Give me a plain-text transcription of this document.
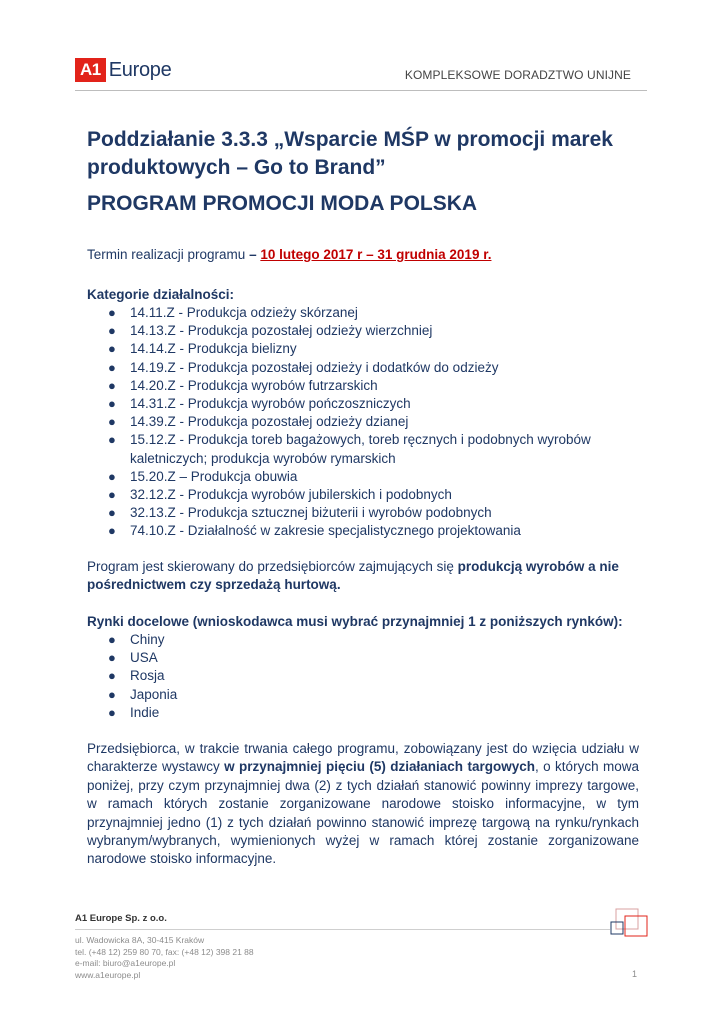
A1 Europe	KOMPLEKSOWE DORADZTWO UNIJNE
Poddziałanie 3.3.3 „Wsparcie MŚP w promocji marek
produktowych – Go to Brand”
PROGRAM PROMOCJI MODA POLSKA
Termin realizacji programu – 10 lutego 2017 r – 31 grudnia 2019 r.
Kategorie działalności:
● 14.11.Z - Produkcja odzieży skórzanej
● 14.13.Z - Produkcja pozostałej odzieży wierzchniej
● 14.14.Z - Produkcja bielizny
● 14.19.Z - Produkcja pozostałej odzieży i dodatków do odzieży
● 14.20.Z - Produkcja wyrobów futrzarskich
● 14.31.Z - Produkcja wyrobów pończoszniczych
● 14.39.Z - Produkcja pozostałej odzieży dzianej
● 15.12.Z - Produkcja toreb bagażowych, toreb ręcznych i podobnych wyrobów kaletniczych; produkcja wyrobów rymarskich
● 15.20.Z – Produkcja obuwia
● 32.12.Z - Produkcja wyrobów jubilerskich i podobnych
● 32.13.Z - Produkcja sztucznej biżuterii i wyrobów podobnych
● 74.10.Z - Działalność w zakresie specjalistycznego projektowania

Program jest skierowany do przedsiębiorców zajmujących się produkcją wyrobów a nie pośrednictwem czy sprzedażą hurtową.

Rynki docelowe (wnioskodawca musi wybrać przynajmniej 1 z poniższych rynków):
● Chiny
● USA
● Rosja
● Japonia
● Indie

Przedsiębiorca, w trakcie trwania całego programu, zobowiązany jest do wzięcia udziału w charakterze wystawcy w przynajmniej pięciu (5) działaniach targowych, o których mowa poniżej, przy czym przynajmniej dwa (2) z tych działań stanowić powinny imprezy targowe, w ramach których zostanie zorganizowane narodowe stoisko informacyjne, w tym przynajmniej jedno (1) z tych działań powinno stanowić imprezę targową na rynku/rynkach wybranym/wybranych, wymienionych wyżej w ramach której zostanie zorganizowane narodowe stoisko informacyjne.

A1 Europe Sp. z o.o.
ul. Wadowicka 8A, 30-415 Kraków
tel. (+48 12) 259 80 70, fax: (+48 12) 398 21 88
e-mail: biuro@a1europe.pl
www.a1europe.pl	1
